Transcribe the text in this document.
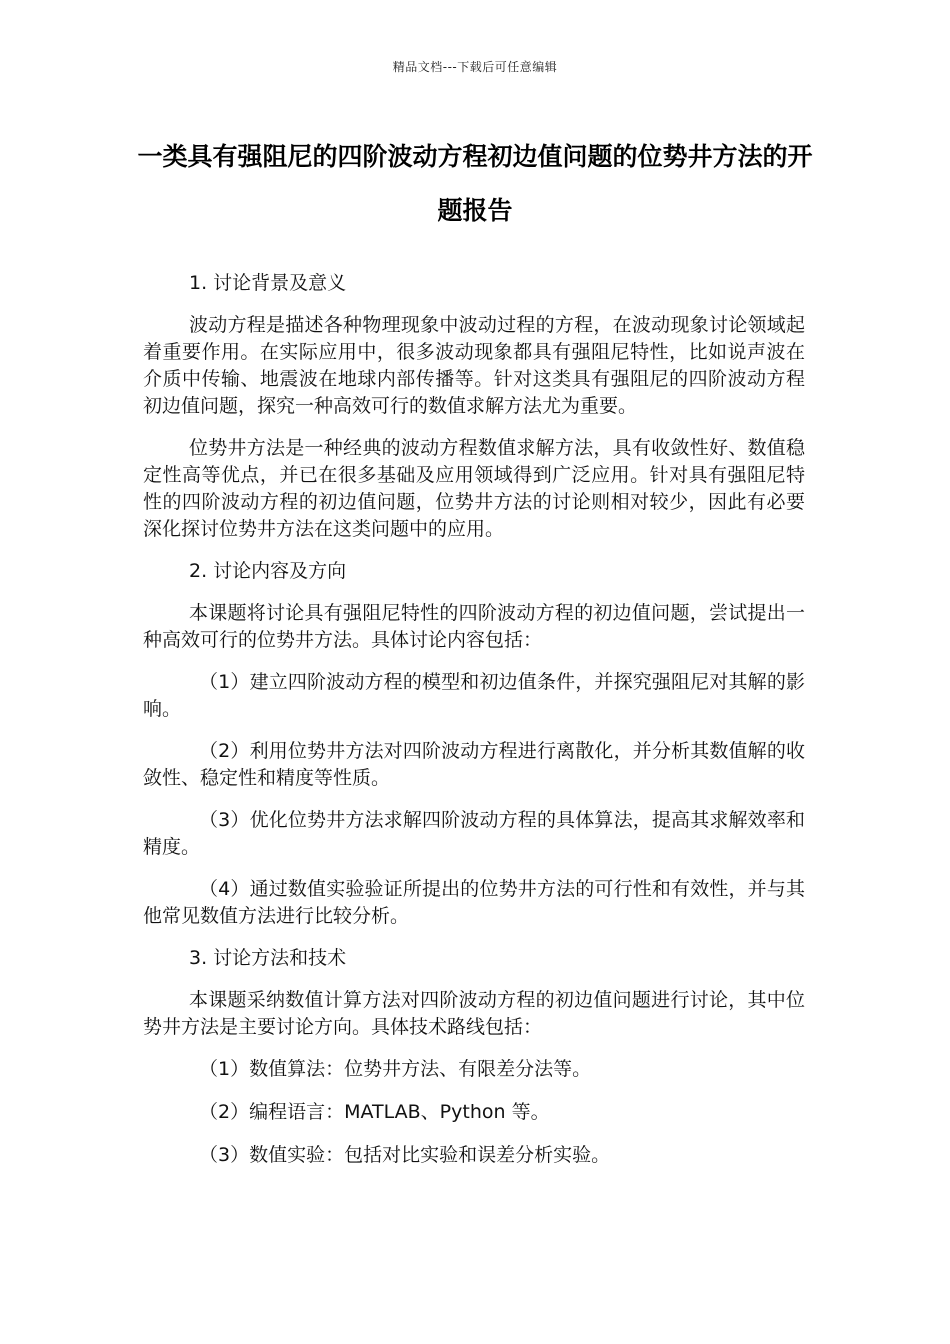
精品文档---下载后可任意编辑
一类具有强阻尼的四阶波动方程初边值问题的位势井方法的开题报告

1. 讨论背景及意义

波动方程是描述各种物理现象中波动过程的方程，在波动现象讨论领域起着重要作用。在实际应用中，很多波动现象都具有强阻尼特性，比如说声波在介质中传输、地震波在地球内部传播等。针对这类具有强阻尼的四阶波动方程初边值问题，探究一种高效可行的数值求解方法尤为重要。

位势井方法是一种经典的波动方程数值求解方法，具有收敛性好、数值稳定性高等优点，并已在很多基础及应用领域得到广泛应用。针对具有强阻尼特性的四阶波动方程的初边值问题，位势井方法的讨论则相对较少，因此有必要深化探讨位势井方法在这类问题中的应用。

2. 讨论内容及方向

本课题将讨论具有强阻尼特性的四阶波动方程的初边值问题，尝试提出一种高效可行的位势井方法。具体讨论内容包括：

（1）建立四阶波动方程的模型和初边值条件，并探究强阻尼对其解的影响。

（2）利用位势井方法对四阶波动方程进行离散化，并分析其数值解的收敛性、稳定性和精度等性质。

（3）优化位势井方法求解四阶波动方程的具体算法，提高其求解效率和精度。

（4）通过数值实验验证所提出的位势井方法的可行性和有效性，并与其他常见数值方法进行比较分析。

3. 讨论方法和技术

本课题采纳数值计算方法对四阶波动方程的初边值问题进行讨论，其中位势井方法是主要讨论方向。具体技术路线包括：

（1）数值算法：位势井方法、有限差分法等。

（2）编程语言：MATLAB、Python 等。

（3）数值实验：包括对比实验和误差分析实验。
